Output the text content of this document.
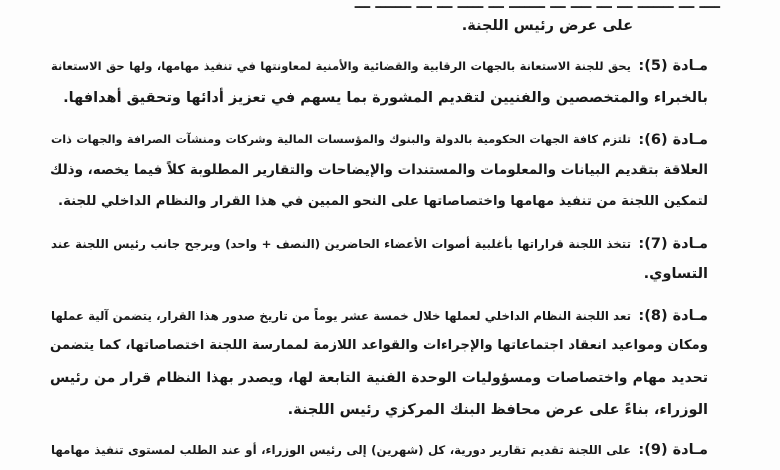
ــــ ـــ ـــــــ ـــ ـــ ــــ ـــ ـــــــ ـــ ـــــ ـــ ـــ ـــــــ ـــ
على عرض رئيس اللجنة.
مـادة (5):
يحق للجنة الاستعانة بالجهات الرقابية والقضائية والأمنية لمعاونتها في تنفيذ مهامها، ولها حق الاستعانة
بالخبراء والمتخصصين والفنيين لتقديم المشورة بما يسهم في تعزيز أدائها وتحقيق أهدافها.
مـادة (6):
تلتزم كافة الجهات الحكومية بالدولة والبنوك والمؤسسات المالية وشركات ومنشآت الصرافة والجهات ذات
العلاقة بتقديم البيانات والمعلومات والمستندات والإيضاحات والتقارير المطلوبة كلاً فيما يخصه، وذلك
لتمكين اللجنة من تنفيذ مهامها واختصاصاتها على النحو المبين في هذا القرار والنظام الداخلي للجنة.
مـادة (7):
تتخذ اللجنة قراراتها بأغلبية أصوات الأعضاء الحاضرين (النصف + واحد) ويرجح جانب رئيس اللجنة عند
التساوي.
مـادة (8):
تعد اللجنة النظام الداخلي لعملها خلال خمسة عشر يوماً من تاريخ صدور هذا القرار، يتضمن آلية عملها
ومكان ومواعيد انعقاد اجتماعاتها والإجراءات والقواعد اللازمة لممارسة اللجنة اختصاصاتها، كما يتضمن
تحديد مهام واختصاصات ومسؤوليات الوحدة الفنية التابعة لها، ويصدر بهذا النظام قرار من رئيس
الوزراء، بناءً على عرض محافظ البنك المركزي رئيس اللجنة.
مـادة (9):
على اللجنة تقديم تقارير دورية، كل (شهرين) إلى رئيس الوزراء، أو عند الطلب لمستوى تنفيذ مهامها
